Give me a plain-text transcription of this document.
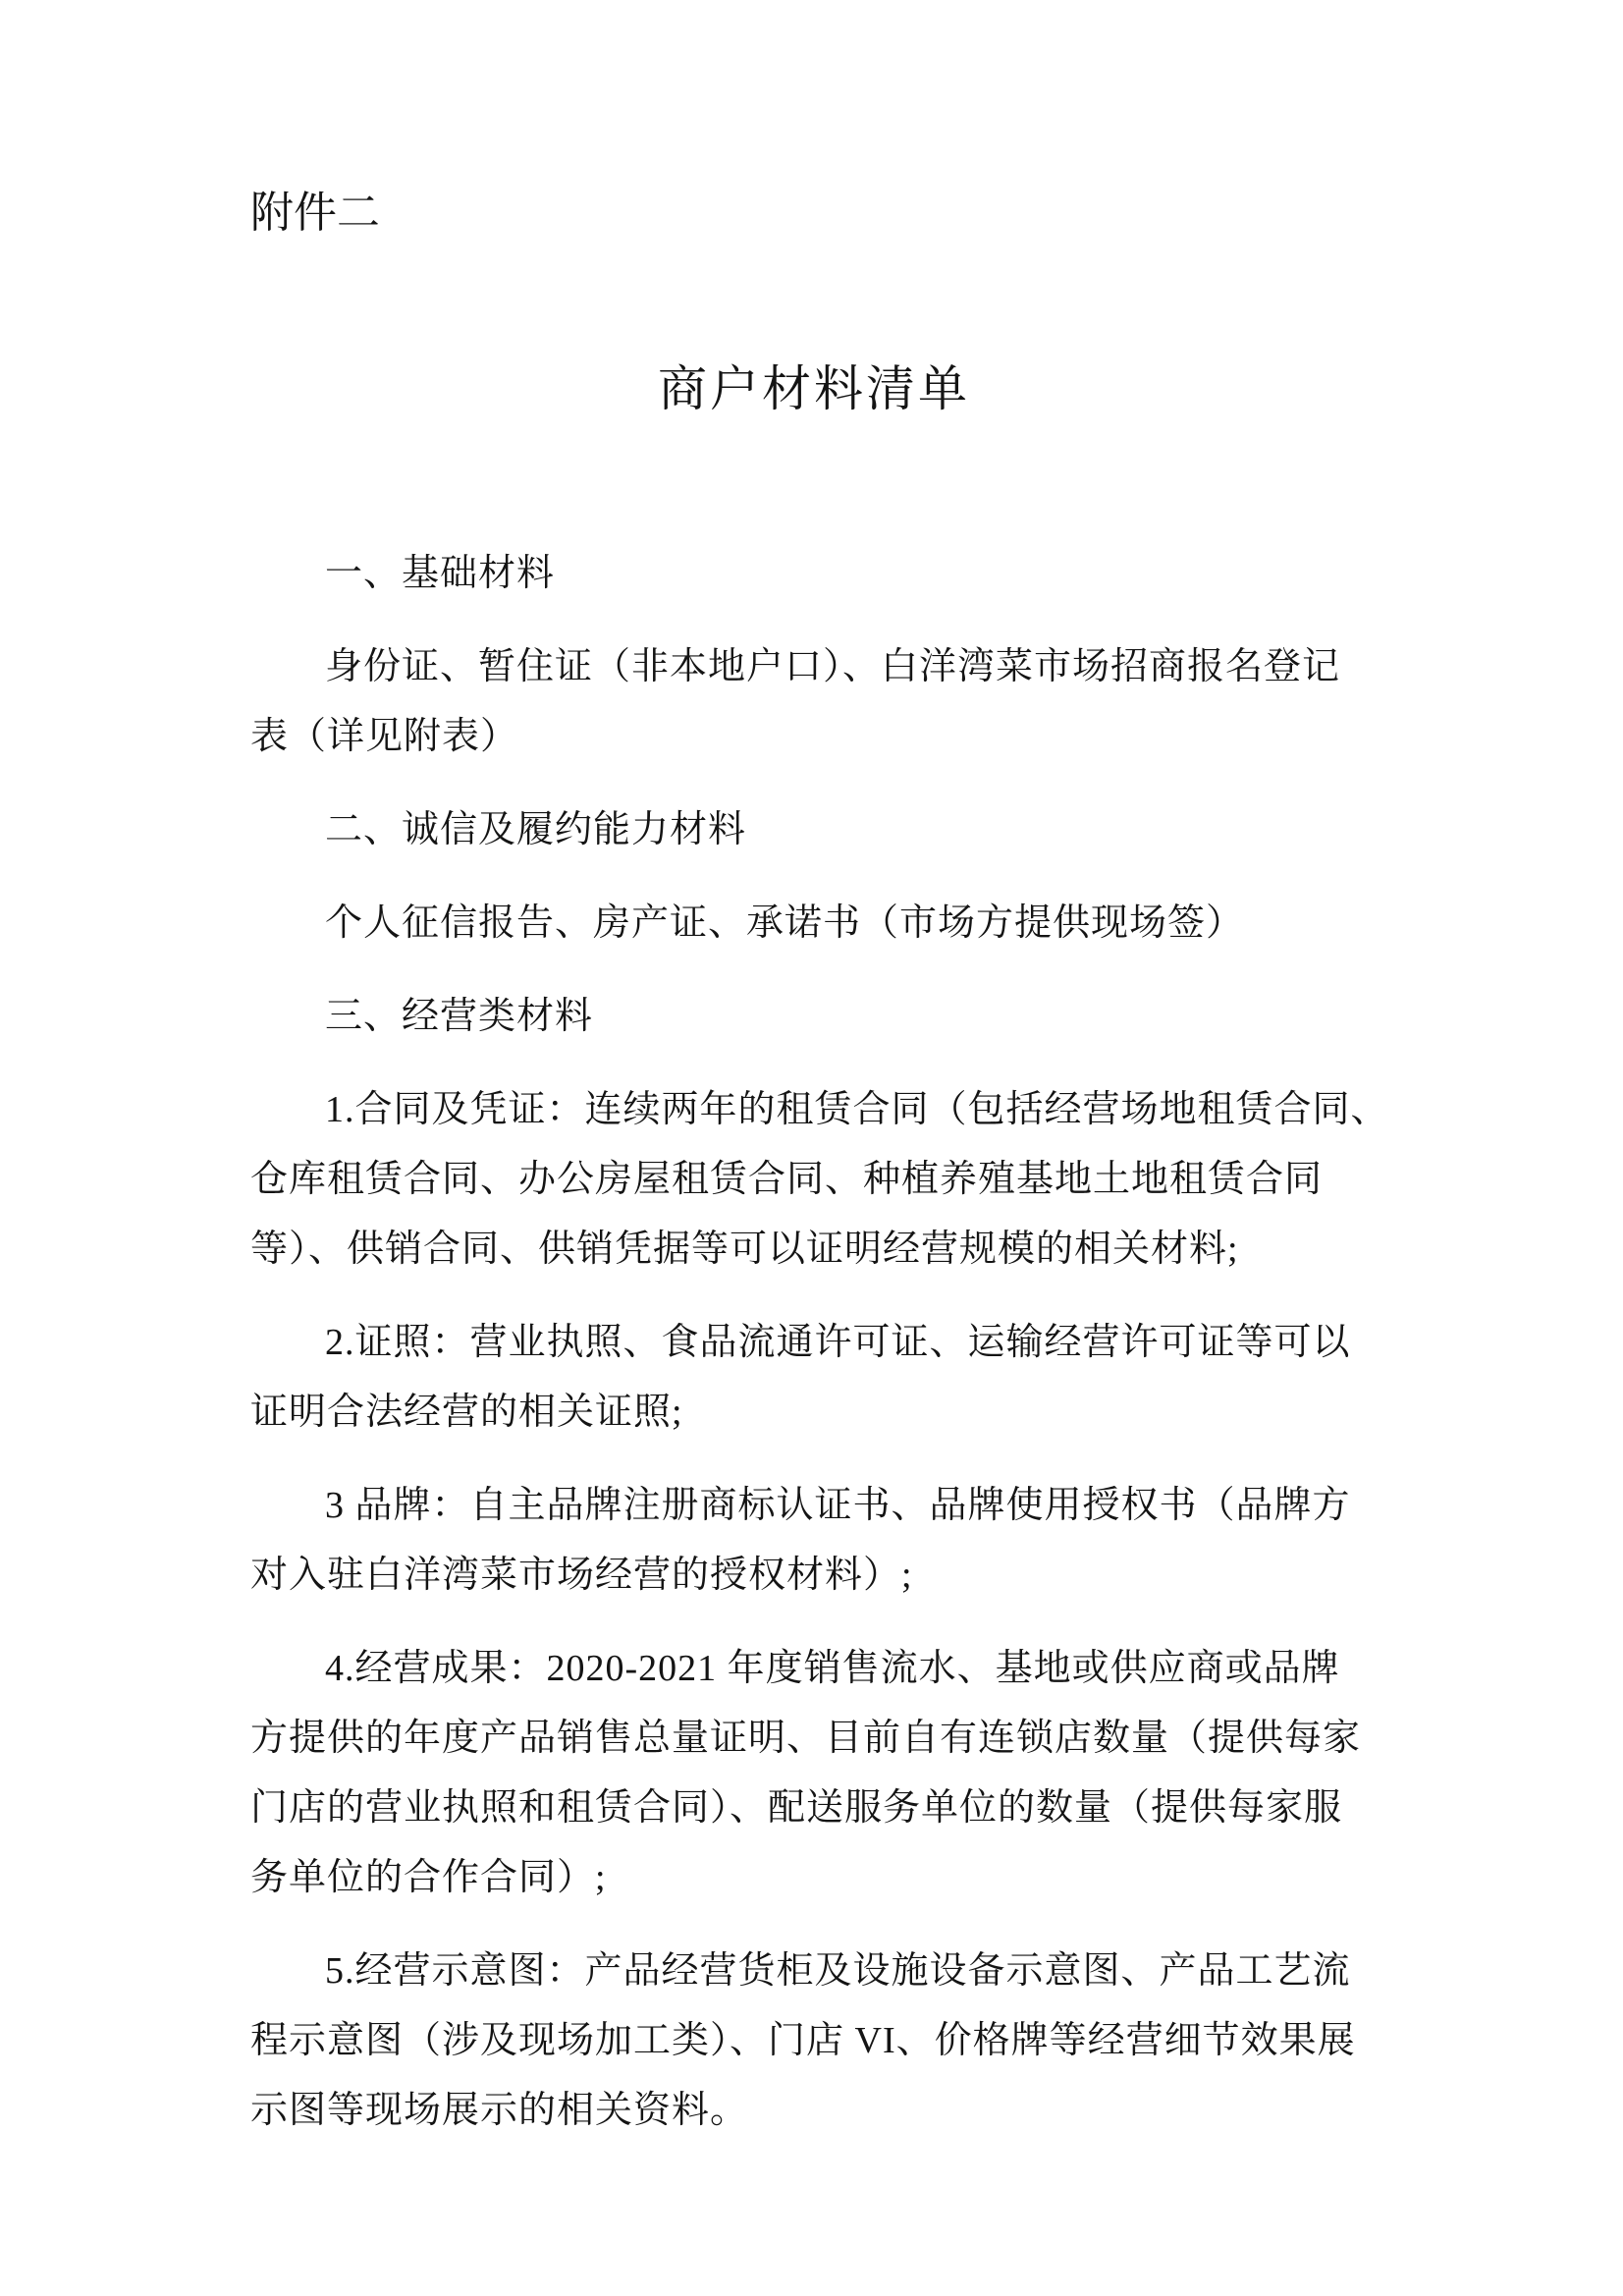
附件二
商户材料清单
一、基础材料
身份证、暂住证（非本地户口）、白洋湾菜市场招商报名登记
表（详见附表）
二、诚信及履约能力材料
个人征信报告、房产证、承诺书（市场方提供现场签）
三、经营类材料
1.合同及凭证：连续两年的租赁合同（包括经营场地租赁合同、
仓库租赁合同、办公房屋租赁合同、种植养殖基地土地租赁合同
等）、供销合同、供销凭据等可以证明经营规模的相关材料;
2.证照：营业执照、食品流通许可证、运输经营许可证等可以
证明合法经营的相关证照;
3 品牌：自主品牌注册商标认证书、品牌使用授权书（品牌方
对入驻白洋湾菜市场经营的授权材料）;
4.经营成果：2020-2021 年度销售流水、基地或供应商或品牌
方提供的年度产品销售总量证明、目前自有连锁店数量（提供每家
门店的营业执照和租赁合同）、配送服务单位的数量（提供每家服
务单位的合作合同）;
5.经营示意图：产品经营货柜及设施设备示意图、产品工艺流
程示意图（涉及现场加工类）、门店 VI、价格牌等经营细节效果展
示图等现场展示的相关资料。
